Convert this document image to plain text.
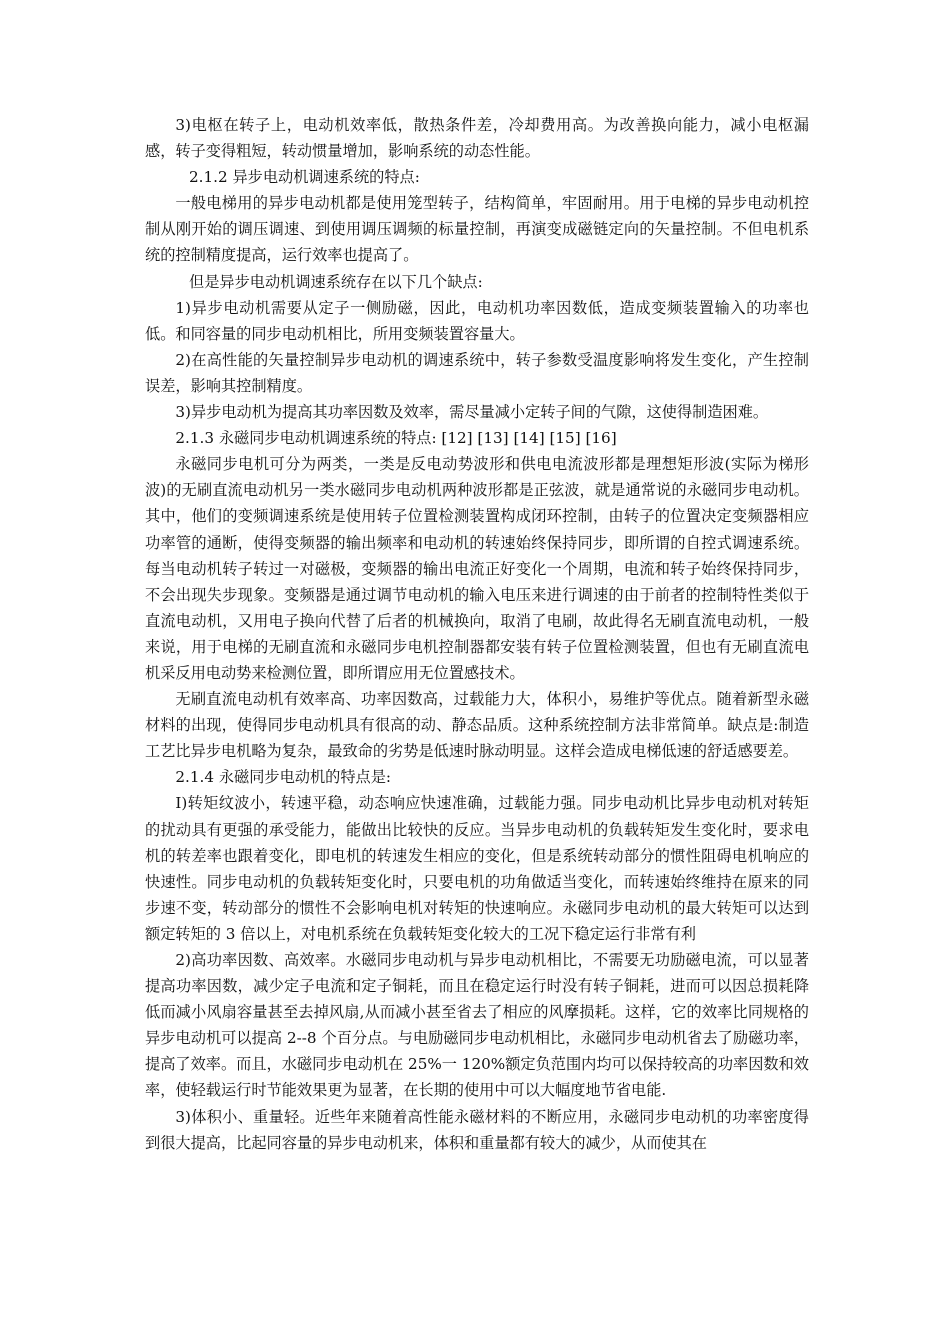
3)电枢在转子上，电动机效率低，散热条件差，冷却费用高。为改善换向能力，减小电枢漏感，转子变得粗短，转动惯量增加，影响系统的动态性能。

2.1.2 异步电动机调速系统的特点:

一般电梯用的异步电动机都是使用笼型转子，结构简单，牢固耐用。用于电梯的异步电动机控制从刚开始的调压调速、到使用调压调频的标量控制，再演变成磁链定向的矢量控制。不但电机系统的控制精度提高，运行效率也提高了。

但是异步电动机调速系统存在以下几个缺点:

1)异步电动机需要从定子一侧励磁，因此，电动机功率因数低，造成变频装置输入的功率也低。和同容量的同步电动机相比，所用变频装置容量大。

2)在高性能的矢量控制异步电动机的调速系统中，转子参数受温度影响将发生变化，产生控制误差，影响其控制精度。

3)异步电动机为提高其功率因数及效率，需尽量减小定转子间的气隙，这使得制造困难。

2.1.3 永磁同步电动机调速系统的特点: [12] [13] [14] [15] [16]

永磁同步电机可分为两类，一类是反电动势波形和供电电流波形都是理想矩形波(实际为梯形波)的无刷直流电动机另一类水磁同步电动机两种波形都是正弦波，就是通常说的永磁同步电动机。其中，他们的变频调速系统是使用转子位置检测装置构成闭环控制，由转子的位置决定变频器相应功率管的通断，使得变频器的输出频率和电动机的转速始终保持同步，即所谓的自控式调速系统。每当电动机转子转过一对磁极，变频器的输出电流正好变化一个周期，电流和转子始终保持同步，不会出现失步现象。变频器是通过调节电动机的输入电压来进行调速的由于前者的控制特性类似于直流电动机，又用电子换向代替了后者的机械换向，取消了电刷，故此得名无刷直流电动机，一般来说，用于电梯的无刷直流和永磁同步电机控制器都安装有转子位置检测装置，但也有无刷直流电机采反用电动势来检测位置，即所谓应用无位置感技术。

无刷直流电动机有效率高、功率因数高，过载能力大，体积小，易维护等优点。随着新型永磁材料的出现，使得同步电动机具有很高的动、静态品质。这种系统控制方法非常简单。缺点是:制造工艺比异步电机略为复杂，最致命的劣势是低速时脉动明显。这样会造成电梯低速的舒适感要差。

2.1.4 永磁同步电动机的特点是:

I)转矩纹波小，转速平稳，动态响应快速准确，过载能力强。同步电动机比异步电动机对转矩的扰动具有更强的承受能力，能做出比较快的反应。当异步电动机的负载转矩发生变化时，要求电机的转差率也跟着变化，即电机的转速发生相应的变化，但是系统转动部分的惯性阻碍电机响应的快速性。同步电动机的负载转矩变化时，只要电机的功角做适当变化，而转速始终维持在原来的同步速不变，转动部分的惯性不会影响电机对转矩的快速响应。永磁同步电动机的最大转矩可以达到额定转矩的 3 倍以上，对电机系统在负载转矩变化较大的工况下稳定运行非常有利

2)高功率因数、高效率。水磁同步电动机与异步电动机相比，不需要无功励磁电流，可以显著提高功率因数，减少定子电流和定子铜耗，而且在稳定运行时没有转子铜耗，进而可以因总损耗降低而减小风扇容量甚至去掉风扇,从而减小甚至省去了相应的风摩损耗。这样，它的效率比同规格的异步电动机可以提高 2--8 个百分点。与电励磁同步电动机相比，永磁同步电动机省去了励磁功率，提高了效率。而且，水磁同步电动机在 25%一 120%额定负范围内均可以保持较高的功率因数和效率，使轻载运行时节能效果更为显著，在长期的使用中可以大幅度地节省电能.

3)体积小、重量轻。近些年来随着高性能永磁材料的不断应用，永磁同步电动机的功率密度得到很大提高，比起同容量的异步电动机来，体积和重量都有较大的减少，从而使其在
